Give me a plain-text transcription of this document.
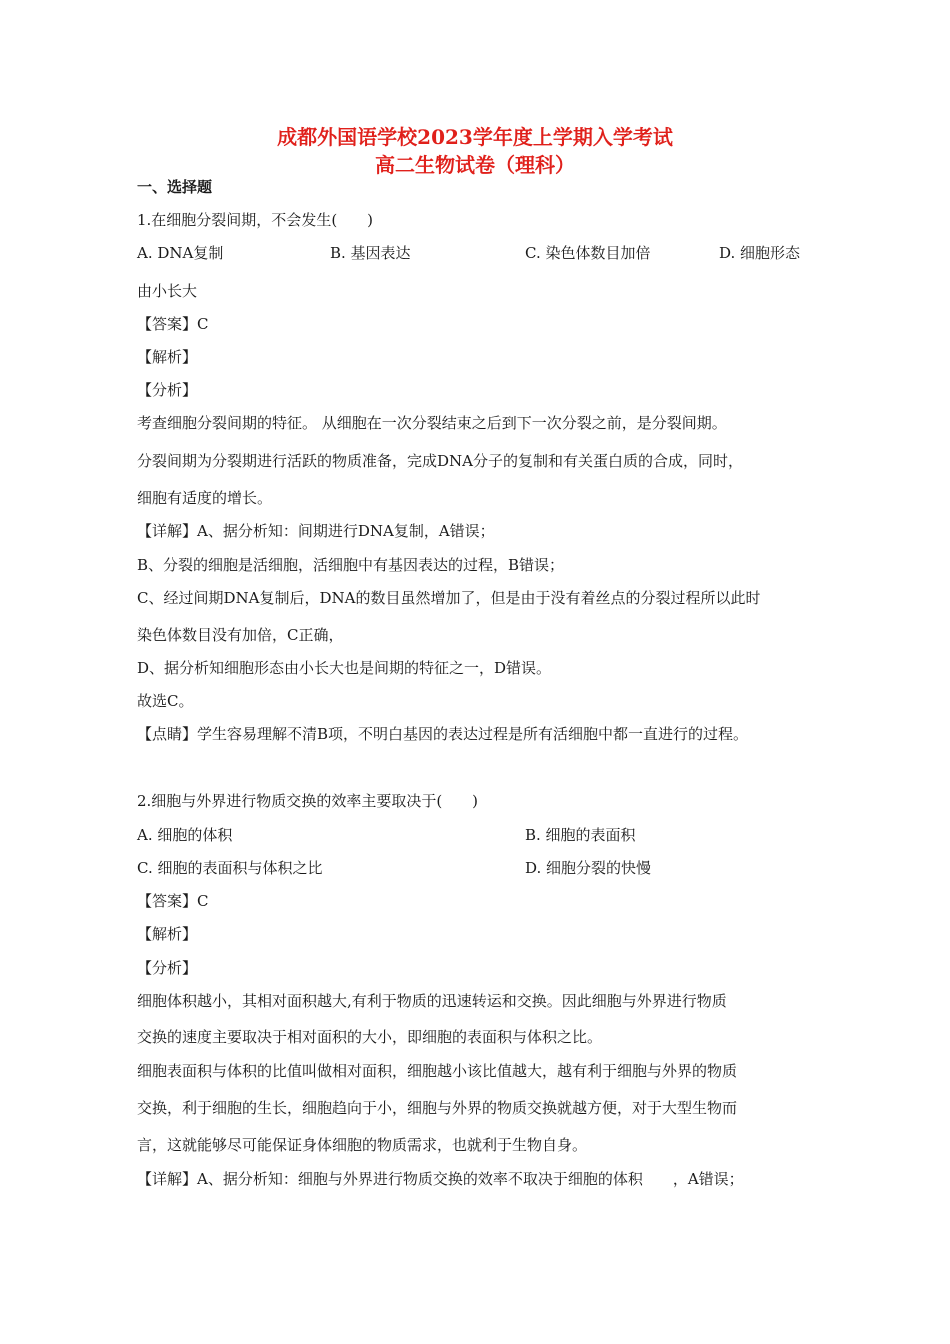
成都外国语学校2023学年度上学期入学考试
高二生物试卷（理科）
一、选择题
1.在细胞分裂间期，不会发生(　　)
A. DNA复制	B. 基因表达	C. 染色体数目加倍	D. 细胞形态
由小长大
【答案】C
【解析】
【分析】
考查细胞分裂间期的特征。 从细胞在一次分裂结束之后到下一次分裂之前，是分裂间期。
分裂间期为分裂期进行活跃的物质准备，完成DNA分子的复制和有关蛋白质的合成，同时，
细胞有适度的增长。
【详解】A、据分析知：间期进行DNA复制，A错误；
B、分裂的细胞是活细胞，活细胞中有基因表达的过程，B错误；
C、经过间期DNA复制后，DNA的数目虽然增加了，但是由于没有着丝点的分裂过程所以此时
染色体数目没有加倍，C正确，
D、据分析知细胞形态由小长大也是间期的特征之一，D错误。
故选C。
【点睛】学生容易理解不清B项，不明白基因的表达过程是所有活细胞中都一直进行的过程。
2.细胞与外界进行物质交换的效率主要取决于(　　)
A. 细胞的体积	B. 细胞的表面积
C. 细胞的表面积与体积之比	D. 细胞分裂的快慢
【答案】C
【解析】
【分析】
细胞体积越小，其相对面积越大,有利于物质的迅速转运和交换。因此细胞与外界进行物质
交换的速度主要取决于相对面积的大小，即细胞的表面积与体积之比。
细胞表面积与体积的比值叫做相对面积，细胞越小该比值越大，越有利于细胞与外界的物质
交换，利于细胞的生长，细胞趋向于小，细胞与外界的物质交换就越方便，对于大型生物而
言，这就能够尽可能保证身体细胞的物质需求，也就利于生物自身。
【详解】A、据分析知：细胞与外界进行物质交换的效率不取决于细胞的体积　　，A错误；
